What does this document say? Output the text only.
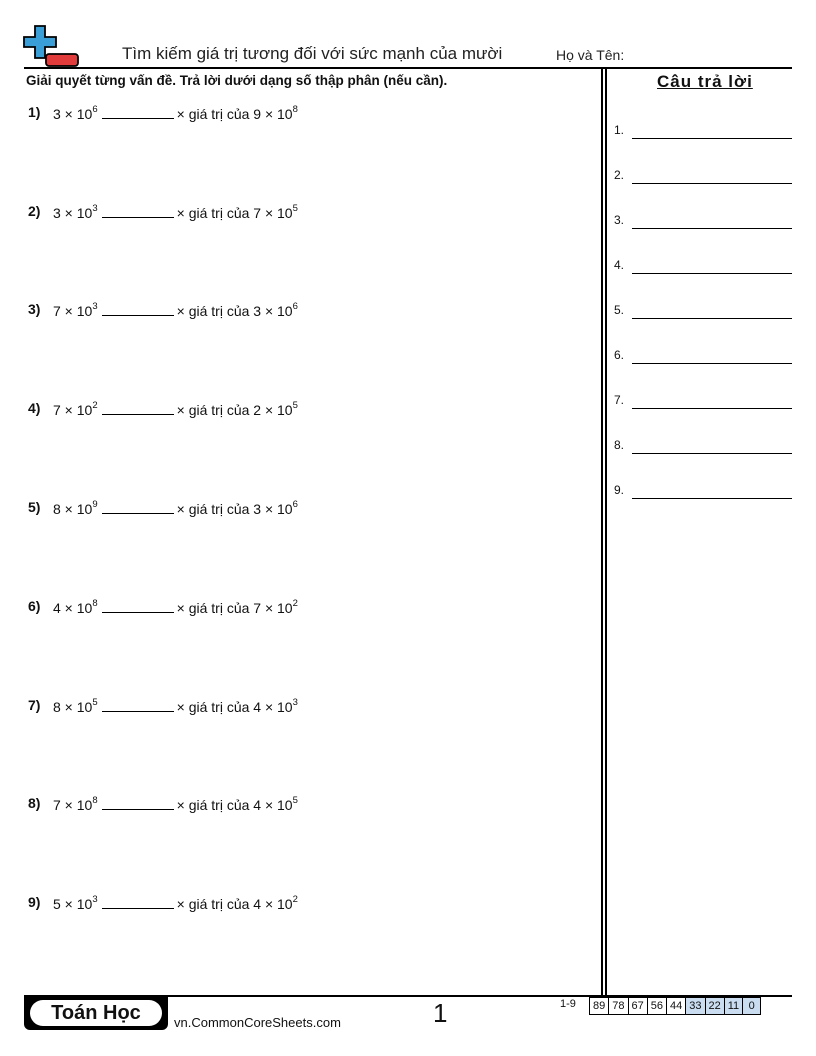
Tìm kiếm giá trị tương đối với sức mạnh của mười	Họ và Tên:
Giải quyết từng vấn đề. Trả lời dưới dạng số thập phân (nếu cần).	Câu trả lời
1.
2.
3.
4.
5.
6.
7.
8.
9.
1) $3 \times 10^6$	× giá trị của $9 \times 10^8$
2) $3 \times 10^3$	× giá trị của $7 \times 10^5$
3) $7 \times 10^3$	× giá trị của $3 \times 10^6$
4) $7 \times 10^2$	× giá trị của $2 \times 10^5$
5) $8 \times 10^9$	× giá trị của $3 \times 10^6$
6) $4 \times 10^8$	× giá trị của $7 \times 10^2$
7) $8 \times 10^5$	× giá trị của $4 \times 10^3$
8) $7 \times 10^8$	× giá trị của $4 \times 10^5$
9) $5 \times 10^3$	× giá trị của $4 \times 10^2$
Toán Học	vn.CommonCoreSheets.com	1	1-9 89 78 67 56 44 33 22 11 0
